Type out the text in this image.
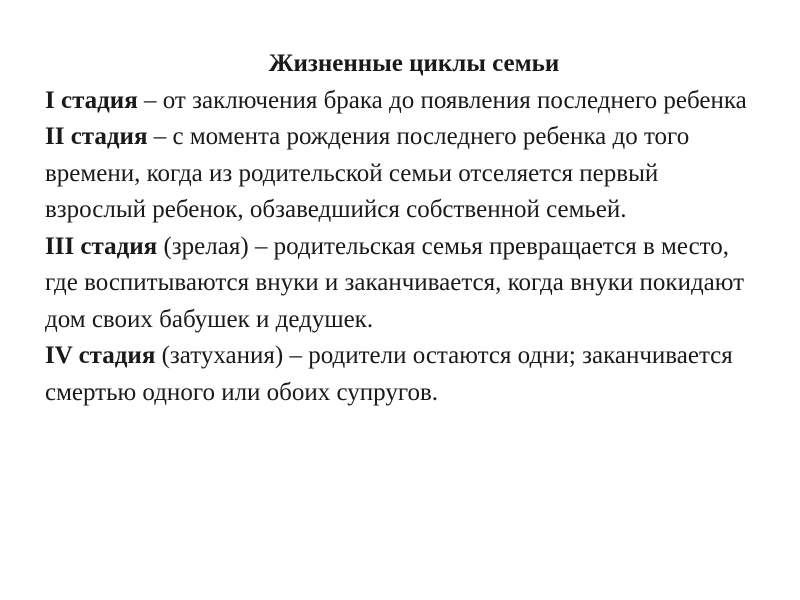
Жизненные циклы семьи

I стадия – от заключения брака до появления последнего ребенка

II стадия – с момента рождения последнего ребенка до того времени, когда из родительской семьи отселяется первый взрослый ребенок, обзаведшийся собственной семьей.

III стадия (зрелая) – родительская семья превращается в место, где воспитываются внуки и заканчивается, когда внуки покидают дом своих бабушек и дедушек.

IV стадия (затухания) – родители остаются одни; заканчивается смертью одного или обоих супругов.
